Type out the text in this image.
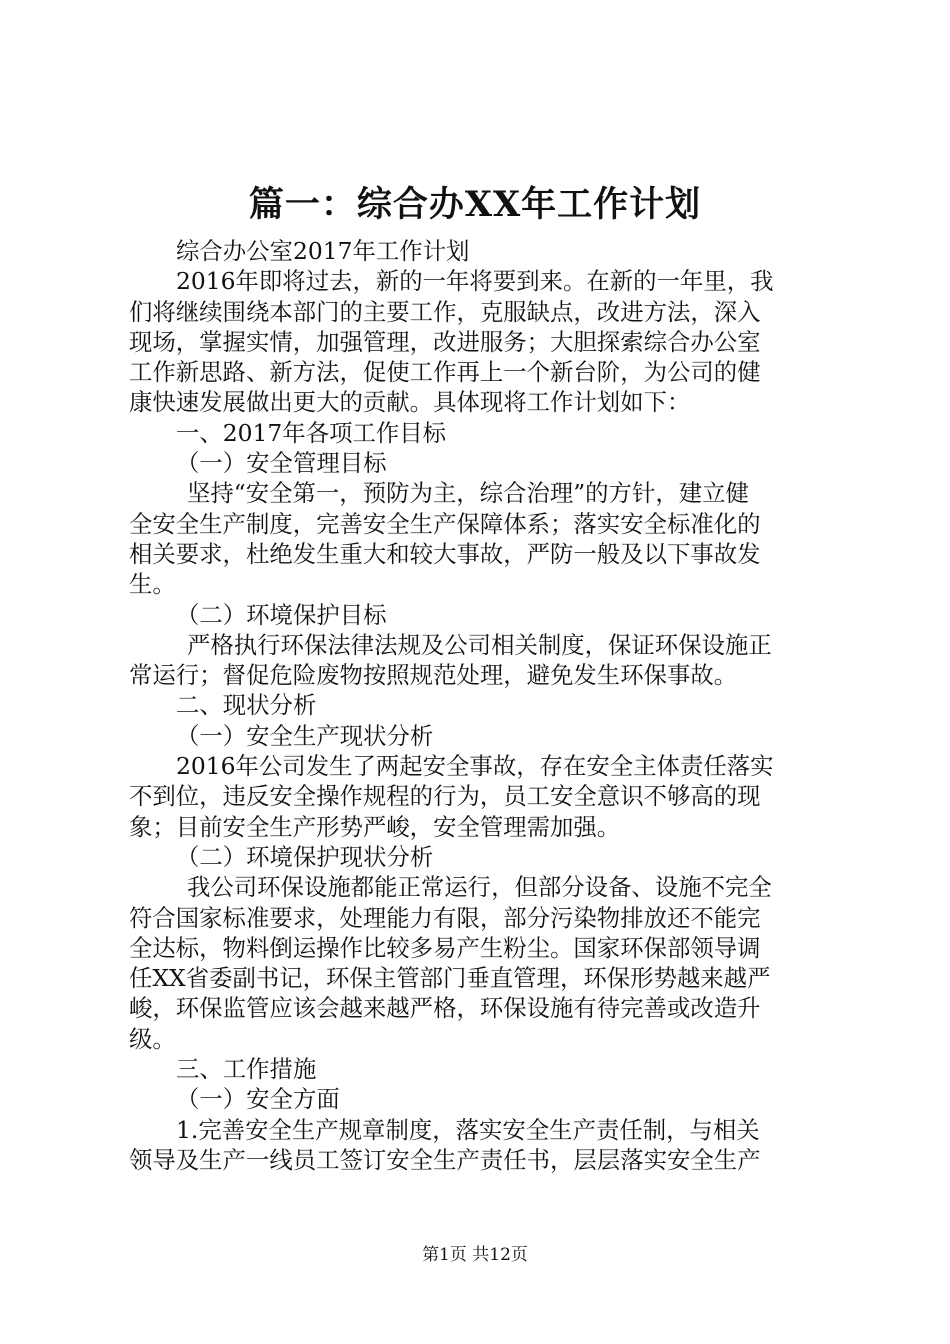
篇一：综合办XX年工作计划

综合办公室2017年工作计划

2016年即将过去，新的一年将要到来。在新的一年里，我

们将继续围绕本部门的主要工作，克服缺点，改进方法，深入

现场，掌握实情，加强管理，改进服务；大胆探索综合办公室

工作新思路、新方法，促使工作再上一个新台阶，为公司的健

康快速发展做出更大的贡献。具体现将工作计划如下：

一、2017年各项工作目标

（一）安全管理目标

坚持“安全第一，预防为主，综合治理”的方针，建立健

全安全生产制度，完善安全生产保障体系；落实安全标准化的

相关要求，杜绝发生重大和较大事故，严防一般及以下事故发

生。

（二）环境保护目标

严格执行环保法律法规及公司相关制度，保证环保设施正

常运行；督促危险废物按照规范处理，避免发生环保事故。

二、现状分析

（一）安全生产现状分析

2016年公司发生了两起安全事故，存在安全主体责任落实

不到位，违反安全操作规程的行为，员工安全意识不够高的现

象；目前安全生产形势严峻，安全管理需加强。

（二）环境保护现状分析

我公司环保设施都能正常运行，但部分设备、设施不完全

符合国家标准要求，处理能力有限，部分污染物排放还不能完

全达标，物料倒运操作比较多易产生粉尘。国家环保部领导调

任XX省委副书记，环保主管部门垂直管理，环保形势越来越严

峻，环保监管应该会越来越严格，环保设施有待完善或改造升

级。

三、工作措施

（一）安全方面

1.完善安全生产规章制度，落实安全生产责任制，与相关

领导及生产一线员工签订安全生产责任书，层层落实安全生产

第1页 共12页
